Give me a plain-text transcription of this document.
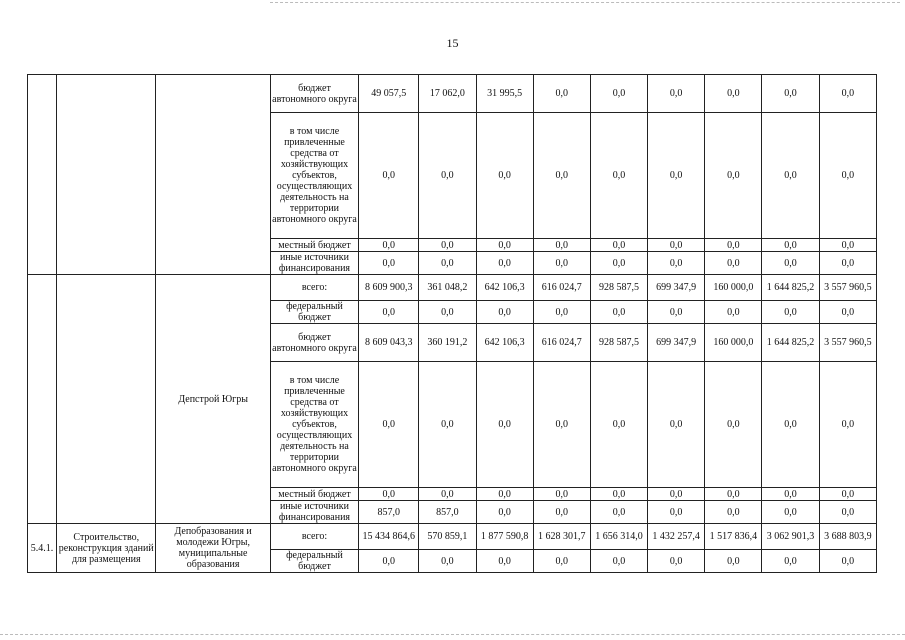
15
			бюджет автономного округа	49 057,5	17 062,0	31 995,5	0,0	0,0	0,0	0,0	0,0	0,0
			в том числе привлеченные средства от хозяйствующих субъектов, осуществляющих деятельность на территории автономного округа	0,0	0,0	0,0	0,0	0,0	0,0	0,0	0,0	0,0
			местный бюджет	0,0	0,0	0,0	0,0	0,0	0,0	0,0	0,0	0,0
			иные источники финансирования	0,0	0,0	0,0	0,0	0,0	0,0	0,0	0,0	0,0
		Депстрой Югры	всего:	8 609 900,3	361 048,2	642 106,3	616 024,7	928 587,5	699 347,9	160 000,0	1 644 825,2	3 557 960,5
			федеральный бюджет	0,0	0,0	0,0	0,0	0,0	0,0	0,0	0,0	0,0
			бюджет автономного округа	8 609 043,3	360 191,2	642 106,3	616 024,7	928 587,5	699 347,9	160 000,0	1 644 825,2	3 557 960,5
			в том числе привлеченные средства от хозяйствующих субъектов, осуществляющих деятельность на территории автономного округа	0,0	0,0	0,0	0,0	0,0	0,0	0,0	0,0	0,0
			местный бюджет	0,0	0,0	0,0	0,0	0,0	0,0	0,0	0,0	0,0
			иные источники финансирования	857,0	857,0	0,0	0,0	0,0	0,0	0,0	0,0	0,0
5.4.1.	Строительство, реконструкция зданий для размещения	Депобразования и молодежи Югры, муниципальные образования	всего:	15 434 864,6	570 859,1	1 877 590,8	1 628 301,7	1 656 314,0	1 432 257,4	1 517 836,4	3 062 901,3	3 688 803,9
			федеральный бюджет	0,0	0,0	0,0	0,0	0,0	0,0	0,0	0,0	0,0
